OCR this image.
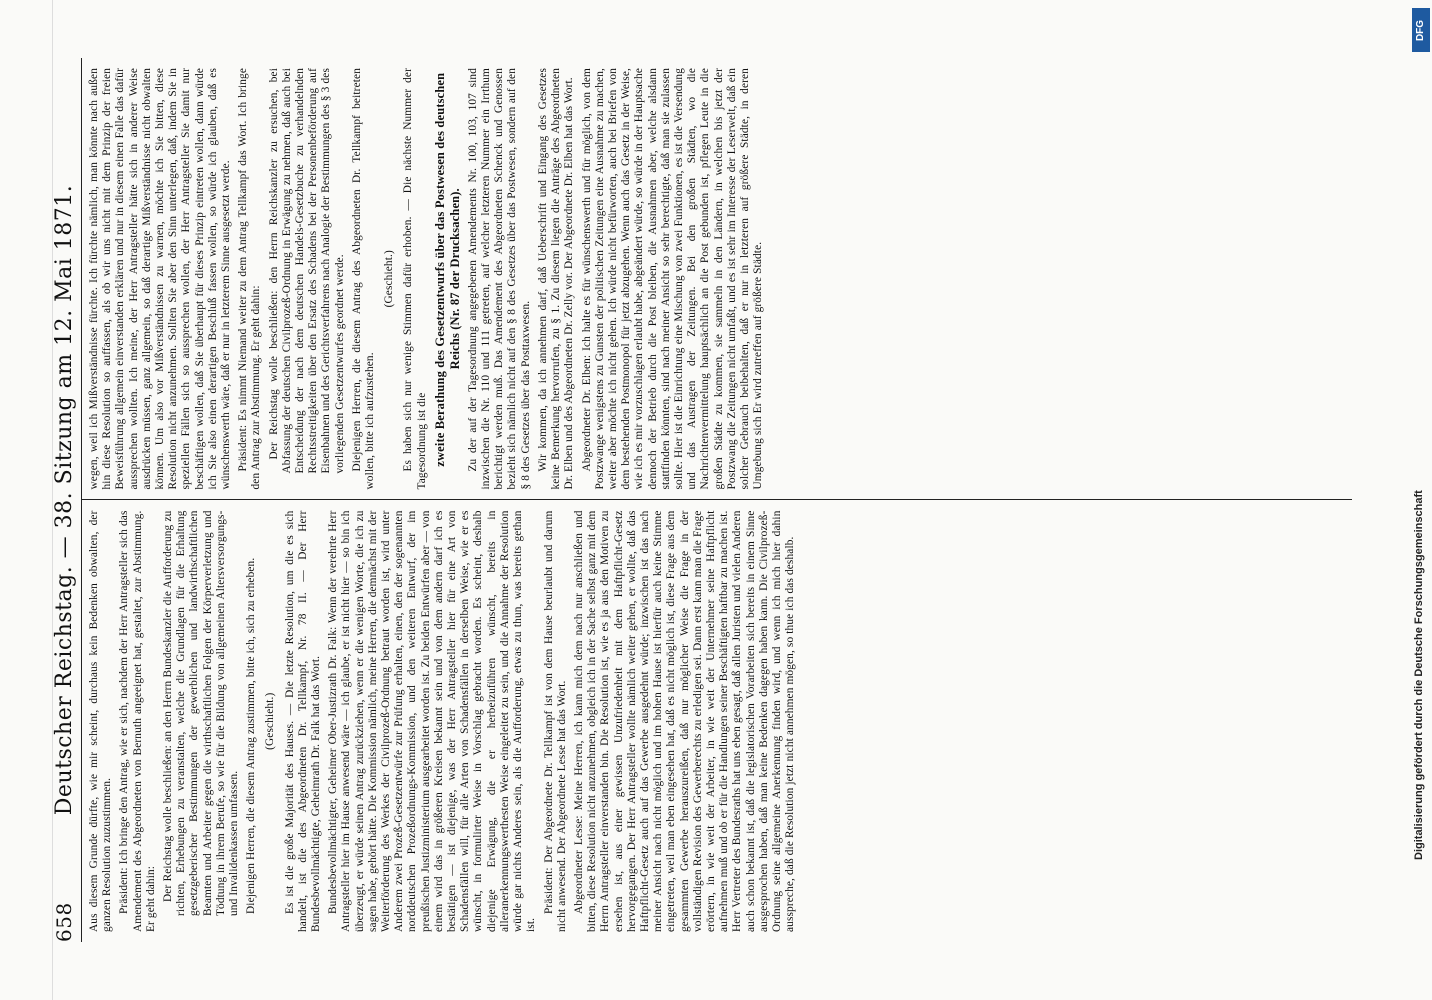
658
Deutscher Reichstag. — 38. Sitzung am 12. Mai 1871. Aus diesem Grunde dürfte, wie mir scheint, durchaus kein Bedenken obwalten, der ganzen Resolution zuzustimmen. Präsident: Ich bringe den Antrag, wie er sich, nachdem der Herr Antragsteller sich das Amendement des Abgeordneten von Bernuth angeeignet hat, gestaltet, zur Abstimmung. Er geht dahin: Der Reichstag wolle beschließen: an den Herrn Bundeskanzler die Aufforderung zu richten, Erhebungen zu veranstalten, welche die Grundlagen für die Erhaltung gesetzgeberischer Bestimmungen der gewerblichen und landwirthschaftlichen Beamten und Arbeiter gegen die wirthschaftlichen Folgen der Körperverletzung und Tödtung in ihrem Berufe, so wie für die Bildung von allgemeinen Altersversorgungs- und Invalidenkassen umfassen. Diejenigen Herren, die diesem Antrag zustimmen, bitte ich, sich zu erheben. (Geschieht.) Es ist die große Majorität des Hauses. — Die letzte Resolution, um die es sich handelt, ist die des Abgeordneten Dr. Tellkampf, Nr. 78 II. — Der Herr Bundesbevollmächtigte, Geheimrath Dr. Falk hat das Wort. Bundesbevollmächtigter, Geheimer Ober-Justizrath Dr. Falk: Wenn der verehrte Herr Antragsteller hier im Hause anwesend wäre — ich glaube, er ist nicht hier — so bin ich überzeugt, er würde seinen Antrag zurückziehen, wenn er die wenigen Worte, die ich zu sagen habe, gehört hätte. Die Kommission nämlich, meine Herren, die demnächst mit der Weiterförderung des Werkes der Civilprozeß-Ordnung betraut worden ist, wird unter Anderem zwei Prozeß-Gesetzentwürfe zur Prüfung erhalten, einen, den der sogenannten norddeutschen Prozeßordnungs-Kommission, und den weiteren Entwurf, der im preußischen Justizministerium ausgearbeitet worden ist. Zu beiden Entwürfen aber — von einem wird das in größeren Kreisen bekannt sein und von dem andern darf ich es bestätigen — ist diejenige, was der Herr Antragsteller hier für eine Art von Schadensfällen will, für alle Arten von Schadensfällen in derselben Weise, wie er es wünscht, in formulirter Weise in Vorschlag gebracht worden. Es scheint, deshalb diejenige Erwägung, die er herbeizuführen wünscht, bereits in alleranerkennungswerthesten Weise eingeleitet zu sein, und die Annahme der Resolution würde gar nichts Anderes sein, als die Aufforderung, etwas zu thun, was bereits gethan ist.

Präsident: Der Abgeordnete Dr. Tellkampf ist von dem Hause beurlaubt und darum nicht anwesend. Der Abgeordnete Lesse hat das Wort. Abgeordneter Lesse: Meine Herren, ich kann mich dem nach nur anschließen und bitten, diese Resolution nicht anzunehmen, obgleich ich in der Sache selbst ganz mit dem Herrn Antragsteller einverstanden bin. Die Resolution ist, wie es ja aus den Motiven zu ersehen ist, aus einer gewissen Unzufriedenheit mit dem Haftpflicht-Gesetz hervorgegangen. Der Herr Antragsteller wollte nämlich weiter gehen, er wollte, daß das Haftpflicht-Gesetz auch auf das Gewerbe ausgedehnt würde; inzwischen ist das nach meiner Ansicht nach nicht möglich und im hohen Hause ist hierfür auch keine Stimme eingetreten, weil man eben eingesehen hat, daß es nicht möglich ist, diese Frage aus dem gesammten Gewerbe herauszureißen, daß nur möglicher Weise die Frage in der vollständigen Revision des Gewerberechts zu erledigen sei. Dann erst kann man die Frage erörtern, in wie weit der Arbeiter, in wie weit der Unternehmer seine Haftpflicht aufnehmen muß und ob er für die Handlungen seiner Beschäftigten haftbar zu machen ist. Herr Vertreter des Bundesraths hat uns eben gesagt, daß allen Juristen und vielen Anderen auch schon bekannt ist, daß die legislatorischen Vorarbeiten sich bereits in einem Sinne ausgesprochen haben, daß man keine Bedenken dagegen haben kann. Die Civilprozeß-Ordnung seine allgemeine Anerkennung finden wird, und wenn ich mich hier dahin ausspreche, daß die Resolution jetzt nicht annehmen mögen, so thue ich das deshalb.

wegen, weil ich Mißverständnisse fürchte. Ich fürchte nämlich, man könnte nach außen hin diese Resolution so auffassen, als ob wir uns nicht mit dem Prinzip der freien Beweisführung allgemein einverstanden erklären und nur in diesem einen Falle das dafür aussprechen wollten. Ich meine, der Herr Antragsteller hätte sich in anderer Weise ausdrücken müssen, ganz allgemein, so daß derartige Mißverständnisse nicht obwalten können. Um also vor Mißverständnissen zu warnen, möchte ich Sie bitten, diese Resolution nicht anzunehmen. Sollten Sie aber den Sinn unterlegen, daß, indem Sie in speziellen Fällen sich so aussprechen wollen, der Herr Antragsteller Sie damit nur beschäftigen wollen, daß Sie überhaupt für dieses Prinzip eintreten wollen, dann würde ich Sie also einen derartigen Beschluß fassen wollen, so würde ich glauben, daß es wünschenswerth wäre, daß er nur in letzterem Sinne ausgesetzt werde. Präsident: Es nimmt Niemand weiter zu dem Antrag Tellkampf das Wort. Ich bringe den Antrag zur Abstimmung. Er geht dahin: Der Reichstag wolle beschließen: den Herrn Reichskanzler zu ersuchen, bei Abfassung der deutschen Civilprozeß-Ordnung in Erwägung zu nehmen, daß auch bei Entscheidung der nach dem deutschen Handels-Gesetzbuche zu verhandelnden Rechtsstreitigkeiten über den Ersatz des Schadens bei der Personenbeförderung auf Eisenbahnen und des Gerichtsverfahrens nach Analogie der Bestimmungen des § 3 des vorliegenden Gesetzentwurfes geordnet werde. Diejenigen Herren, die diesem Antrag des Abgeordneten Dr. Tellkampf beitreten wollen, bitte ich aufzustehen.

(Geschieht.) Es haben sich nur wenige Stimmen dafür erhoben. — Die nächste Nummer der Tagesordnung ist die zweite Berathung des Gesetzentwurfs über das Postwesen des deutschen Reichs (Nr. 87 der Drucksachen). Zu der auf der Tagesordnung angegebenen Amendements Nr. 100, 103, 107 sind inzwischen die Nr. 110 und 111 getreten, auf welcher letzteren Nummer ein Irrthum berichtigt werden muß. Das Amendement des Abgeordneten Schenck und Genossen bezieht sich nämlich nicht auf den § 8 des Gesetzes über das Postwesen, sondern auf den § 8 des Gesetzes über das Posttaxwesen. Wir kommen, da ich annehmen darf, daß Ueberschrift und Eingang des Gesetzes keine Bemerkung hervorrufen, zu § 1. Zu diesem liegen die Anträge des Abgeordneten Dr. Elben und des Abgeordneten Dr. Zelly vor. Der Abgeordnete Dr. Elben hat das Wort. Abgeordneter Dr. Elben: Ich halte es für wünschenswerth und für möglich, von dem Postzwange wenigstens zu Gunsten der politischen Zeitungen eine Ausnahme zu machen, weiter aber möchte ich nicht gehen. Ich würde nicht befürworten, auch bei Briefen von dem bestehenden Postmonopol für jetzt abzugehen. Wenn auch das Gesetz in der Weise, wie ich es mir vorzuschlagen erlaubt habe, abgeändert würde, so würde in der Hauptsache dennoch der Betrieb durch die Post bleiben, die Ausnahmen aber, welche alsdann stattfinden könnten, sind nach meiner Ansicht so sehr berechtigte, daß man sie zulassen sollte. Hier ist die Einrichtung eine Mischung von zwei Funktionen, es ist die Versendung und das Austragen der Zeitungen. Bei den großen Städten, wo die Nachrichtenvermittelung hauptsächlich an die Post gebunden ist, pflegen Leute in die großen Städte zu kommen, sie sammeln in den Ländern, in welchen bis jetzt der Postzwang die Zeitungen nicht umfaßt, und es ist sehr im Interesse der Leserwelt, daß ein solcher Gebrauch beibehalten, daß er nur in letzteren auf größere Städte, in deren Umgebung sich Er wird zutreffen auf größere Städte.

DFG
Digitalisierung gefördert durch die Deutsche Forschungsgemeinschaft
